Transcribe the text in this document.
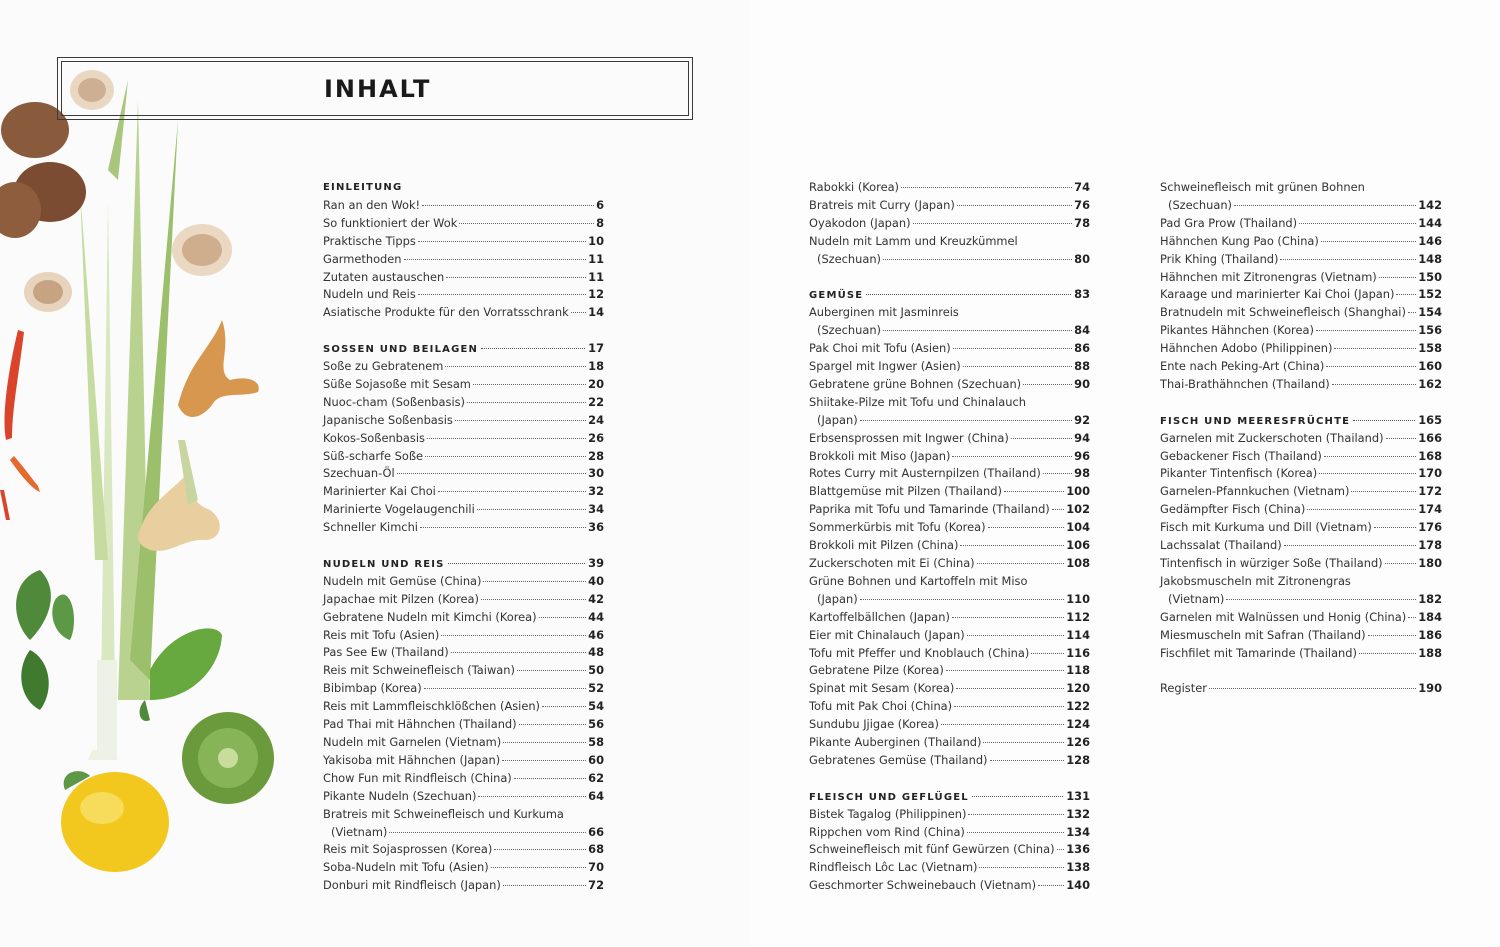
INHALT
EINLEITUNG
Ran an den Wok!	6
So funktioniert der Wok	8
Praktische Tipps	10
Garmethoden	11
Zutaten austauschen	11
Nudeln und Reis	12
Asiatische Produkte für den Vorratsschrank 14
SOSSEN UND BEILAGEN	17
Soße zu Gebratenem	18
Süße Sojasoße mit Sesam	20
Nuoc-cham (Soßenbasis)	22
Japanische Soßenbasis	24
Kokos-Soßenbasis	26
Süß-scharfe Soße	28
Szechuan-Öl	30
Marinierter Kai Choi	32
Marinierte Vogelaugenchili	34
Schneller Kimchi	36
NUDELN UND REIS	39
Nudeln mit Gemüse (China)	40
Japachae mit Pilzen (Korea)	42
Gebratene Nudeln mit Kimchi (Korea)	44
Reis mit Tofu (Asien)	46
Pas See Ew (Thailand)	48
Reis mit Schweinefleisch (Taiwan)	50
Bibimbap (Korea)	52
Reis mit Lammfleischklößchen (Asien)	54
Pad Thai mit Hähnchen (Thailand)	56
Nudeln mit Garnelen (Vietnam)	58
Yakisoba mit Hähnchen (Japan)	60
Chow Fun mit Rindfleisch (China)	62
Pikante Nudeln (Szechuan)	64
Bratreis mit Schweinefleisch und Kurkuma
(Vietnam)	66
Reis mit Sojasprossen (Korea)	68
Soba-Nudeln mit Tofu (Asien)	70
Donburi mit Rindfleisch (Japan)	72
Rabokki (Korea)	74
Bratreis mit Curry (Japan)	76
Oyakodon (Japan)	78
Nudeln mit Lamm und Kreuzkümmel
(Szechuan)	80
GEMÜSE	83
Auberginen mit Jasminreis
(Szechuan)	84
Pak Choi mit Tofu (Asien)	86
Spargel mit Ingwer (Asien)	88
Gebratene grüne Bohnen (Szechuan)	90
Shiitake-Pilze mit Tofu und Chinalauch
(Japan)	92
Erbsensprossen mit Ingwer (China)	94
Brokkoli mit Miso (Japan)	96
Rotes Curry mit Austernpilzen (Thailand)	98
Blattgemüse mit Pilzen (Thailand)	100
Paprika mit Tofu und Tamarinde (Thailand) 102
Sommerkürbis mit Tofu (Korea)	104
Brokkoli mit Pilzen (China)	106
Zuckerschoten mit Ei (China)	108
Grüne Bohnen und Kartoffeln mit Miso
(Japan)	110
Kartoffelbällchen (Japan)	112
Eier mit Chinalauch (Japan)	114
Tofu mit Pfeffer und Knoblauch (China)	116
Gebratene Pilze (Korea)	118
Spinat mit Sesam (Korea)	120
Tofu mit Pak Choi (China)	122
Sundubu Jjigae (Korea)	124
Pikante Auberginen (Thailand)	126
Gebratenes Gemüse (Thailand)	128
FLEISCH UND GEFLÜGEL	131
Bistek Tagalog (Philippinen)	132
Rippchen vom Rind (China)	134
Schweinefleisch mit fünf Gewürzen (China) 136
Rindfleisch Lôc Lac (Vietnam)	138
Geschmorter Schweinebauch (Vietnam)	140
Schweinefleisch mit grünen Bohnen
(Szechuan)	142
Pad Gra Prow (Thailand)	144
Hähnchen Kung Pao (China)	146
Prik Khing (Thailand)	148
Hähnchen mit Zitronengras (Vietnam)	150
Karaage und marinierter Kai Choi (Japan) 152
Bratnudeln mit Schweinefleisch (Shanghai) 154
Pikantes Hähnchen (Korea)	156
Hähnchen Adobo (Philippinen)	158
Ente nach Peking-Art (China)	160
Thai-Brathähnchen (Thailand)	162
FISCH UND MEERESFRÜCHTE	165
Garnelen mit Zuckerschoten (Thailand)	166
Gebackener Fisch (Thailand)	168
Pikanter Tintenfisch (Korea)	170
Garnelen-Pfannkuchen (Vietnam)	172
Gedämpfter Fisch (China)	174
Fisch mit Kurkuma und Dill (Vietnam)	176
Lachssalat (Thailand)	178
Tintenfisch in würziger Soße (Thailand)	180
Jakobsmuscheln mit Zitronengras
(Vietnam)	182
Garnelen mit Walnüssen und Honig (China) 184
Miesmuscheln mit Safran (Thailand)	186
Fischfilet mit Tamarinde (Thailand)	188
Register	190
